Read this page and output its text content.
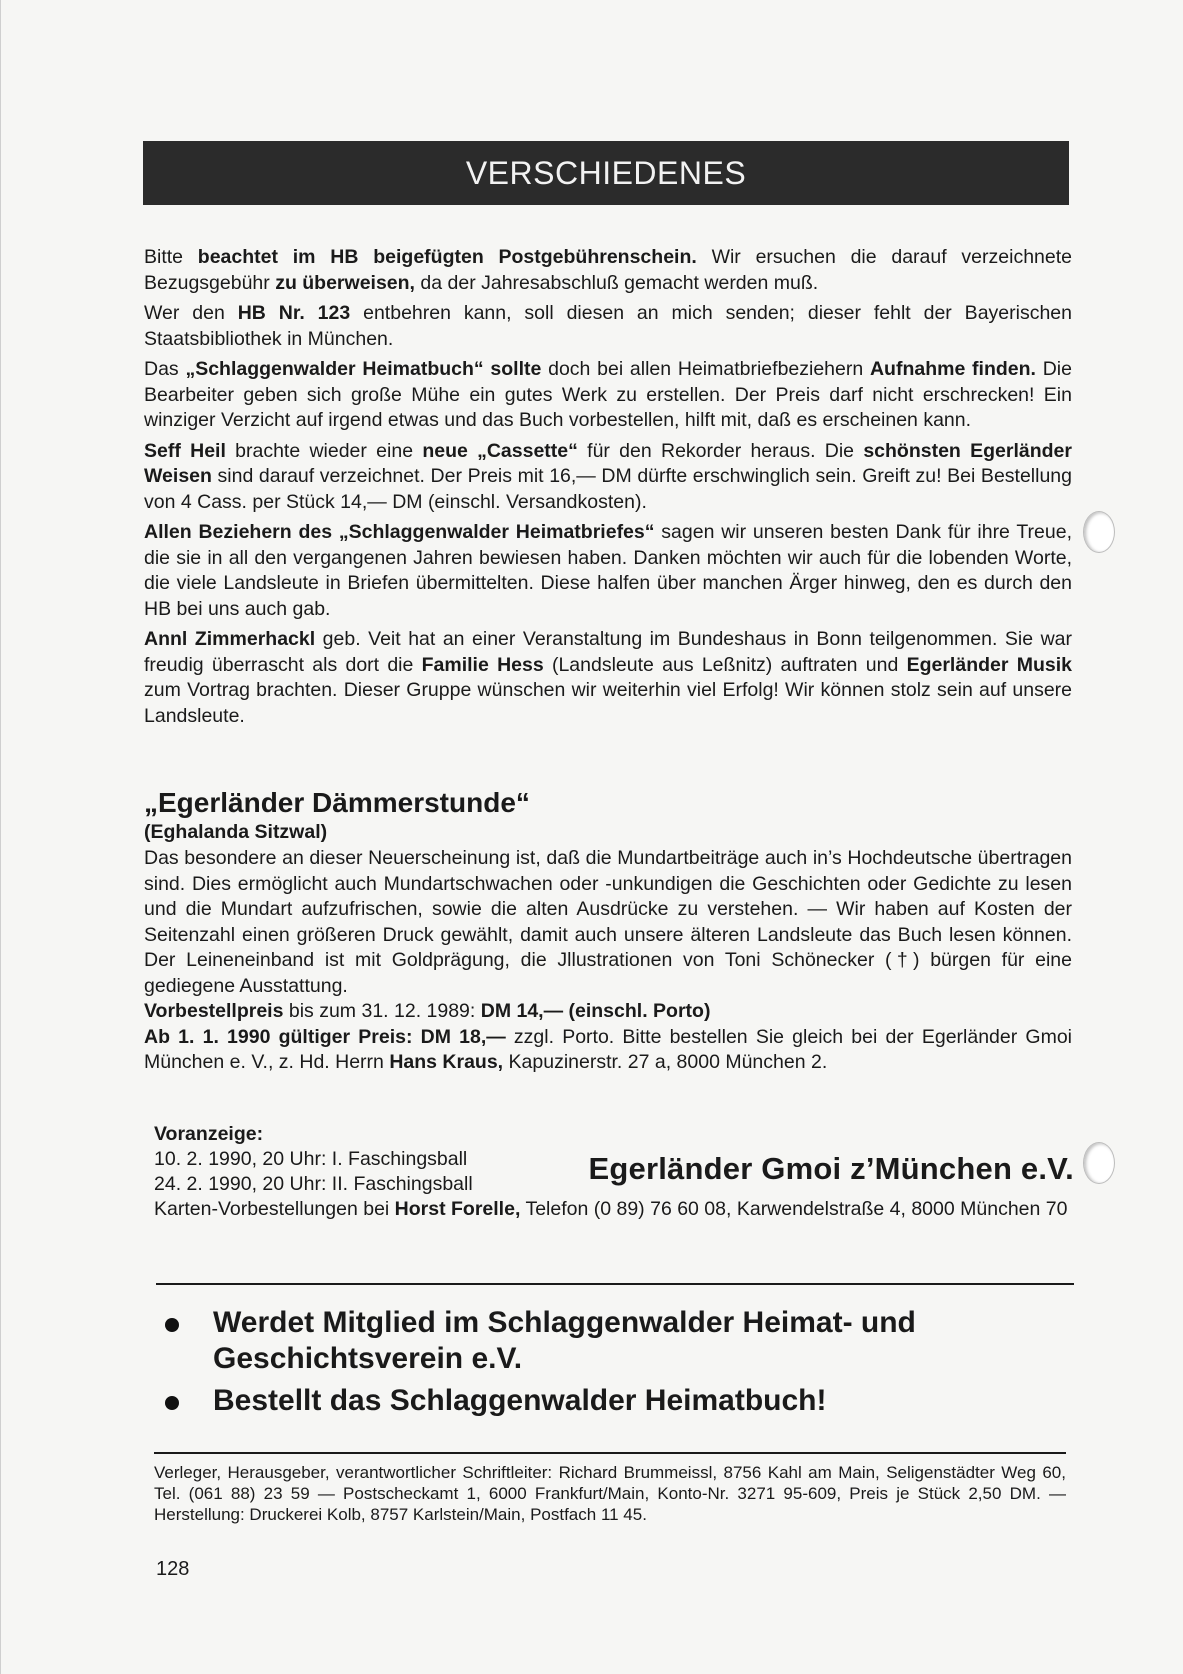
VERSCHIEDENES

Bitte beachtet im HB beigefügten Postgebührenschein. Wir ersuchen die darauf verzeichnete Bezugsgebühr zu überweisen, da der Jahresabschluß gemacht werden muß.

Wer den HB Nr. 123 entbehren kann, soll diesen an mich senden; dieser fehlt der Bayerischen Staatsbibliothek in München.

Das „Schlaggenwalder Heimatbuch“ sollte doch bei allen Heimatbriefbeziehern Aufnahme finden. Die Bearbeiter geben sich große Mühe ein gutes Werk zu erstellen. Der Preis darf nicht erschrecken! Ein winziger Verzicht auf irgend etwas und das Buch vorbestellen, hilft mit, daß es erscheinen kann.

Seff Heil brachte wieder eine neue „Cassette“ für den Rekorder heraus. Die schönsten Egerländer Weisen sind darauf verzeichnet. Der Preis mit 16,— DM dürfte erschwinglich sein. Greift zu! Bei Bestellung von 4 Cass. per Stück 14,— DM (einschl. Versandkosten).

Allen Beziehern des „Schlaggenwalder Heimatbriefes“ sagen wir unseren besten Dank für ihre Treue, die sie in all den vergangenen Jahren bewiesen haben. Danken möchten wir auch für die lobenden Worte, die viele Landsleute in Briefen übermittelten. Diese halfen über manchen Ärger hinweg, den es durch den HB bei uns auch gab.

Annl Zimmerhackl geb. Veit hat an einer Veranstaltung im Bundeshaus in Bonn teilgenommen. Sie war freudig überrascht als dort die Familie Hess (Landsleute aus Leßnitz) auftraten und Egerländer Musik zum Vortrag brachten. Dieser Gruppe wünschen wir weiterhin viel Erfolg! Wir können stolz sein auf unsere Landsleute.

„Egerländer Dämmerstunde“
(Eghalanda Sitzwal)

Das besondere an dieser Neuerscheinung ist, daß die Mundartbeiträge auch in’s Hochdeutsche übertragen sind. Dies ermöglicht auch Mundartschwachen oder -unkundigen die Geschichten oder Gedichte zu lesen und die Mundart aufzufrischen, sowie die alten Ausdrücke zu verstehen. — Wir haben auf Kosten der Seitenzahl einen größeren Druck gewählt, damit auch unsere älteren Landsleute das Buch lesen können. Der Leineneinband ist mit Goldprägung, die Jllustrationen von Toni Schönecker (†) bürgen für eine gediegene Ausstattung.

Vorbestellpreis bis zum 31. 12. 1989: DM 14,— (einschl. Porto)

Ab 1. 1. 1990 gültiger Preis: DM 18,— zzgl. Porto. Bitte bestellen Sie gleich bei der Egerländer Gmoi München e. V., z. Hd. Herrn Hans Kraus, Kapuzinerstr. 27 a, 8000 München 2.

Voranzeige:

10. 2. 1990, 20 Uhr: I. Faschingsball

24. 2. 1990, 20 Uhr: II. Faschingsball	Egerländer Gmoi z’München e.V.

Karten-Vorbestellungen bei Horst Forelle, Telefon (0 89) 76 60 08, Karwendelstraße 4, 8000 München 70

Werdet Mitglied im Schlaggenwalder Heimat- und Geschichtsverein e.V.
Bestellt das Schlaggenwalder Heimatbuch!

Verleger, Herausgeber, verantwortlicher Schriftleiter: Richard Brummeissl, 8756 Kahl am Main, Seligenstädter Weg 60, Tel. (061 88) 23 59 — Postscheckamt 1, 6000 Frankfurt/Main, Konto-Nr. 3271 95-609, Preis je Stück 2,50 DM. — Herstellung: Druckerei Kolb, 8757 Karlstein/Main, Postfach 11 45.

128
